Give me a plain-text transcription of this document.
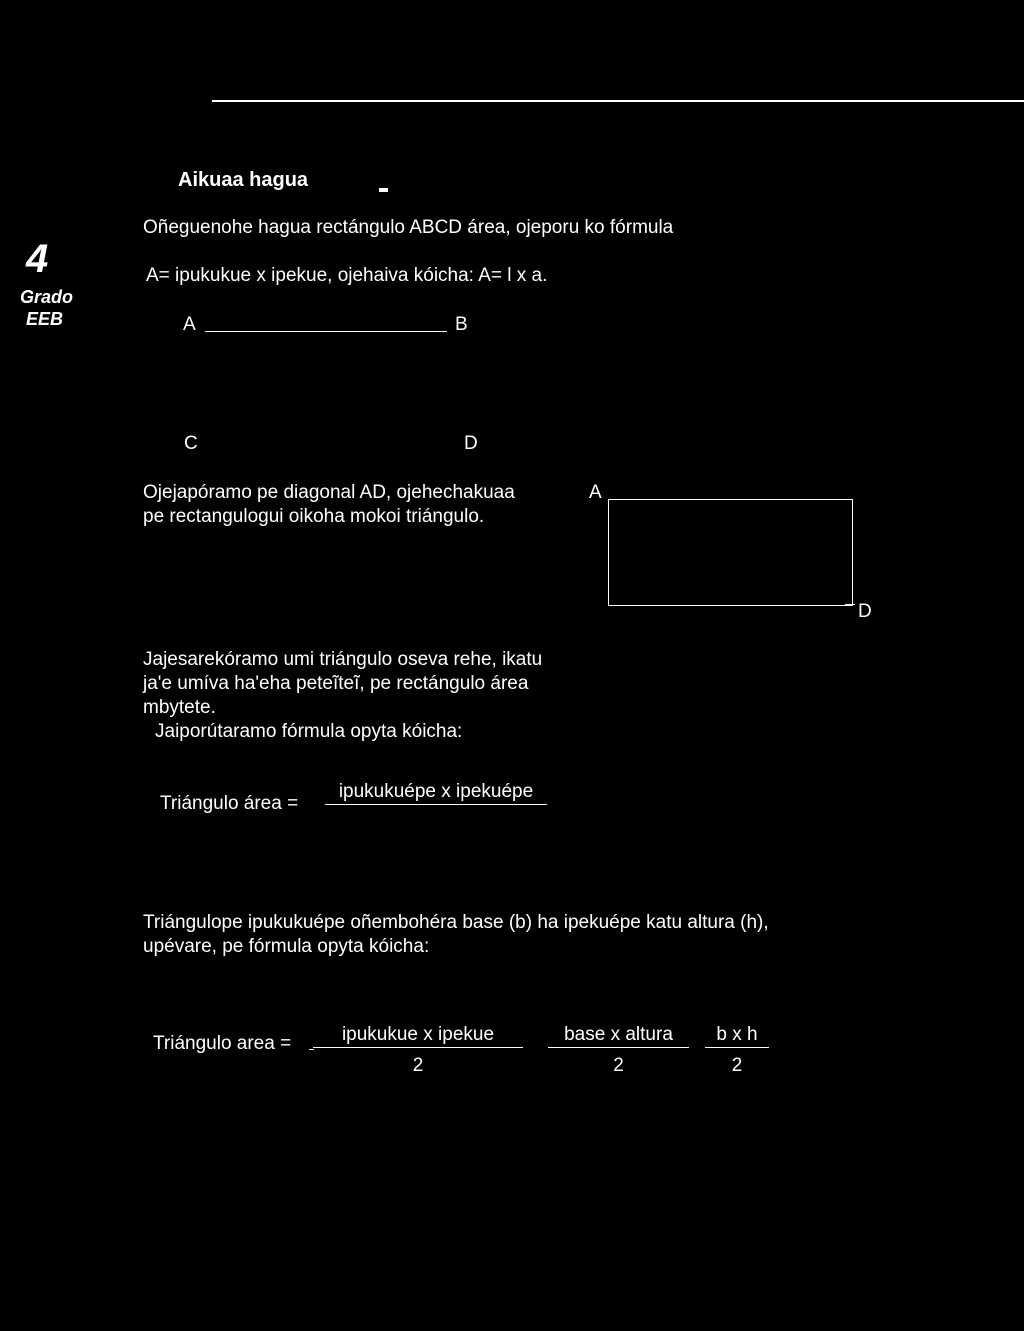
4
Grado
EEB
Aikuaa hagua
Oñeguenohe hagua rectángulo ABCD área, ojeporu ko fórmula
A= ipukukue x ipekue, ojehaiva kóicha: A= l x a.
A	B
C	D
Ojejapóramo pe diagonal AD, ojehechakuaa
pe rectangulogui oikoha mokoi triángulo.
A
D
Jajesarekóramo umi triángulo oseva rehe, ikatu
ja'e umíva ha'eha peteĩteĩ, pe rectángulo área
mbytete.
Jaiporútaramo fórmula opyta kóicha:
Triángulo área =
ipukukuépe x ipekuépe
Triángulope ipukukuépe oñembohéra base (b) ha ipekuépe katu altura (h),
upévare, pe fórmula opyta kóicha:
Triángulo area =	ipukukue x ipekue
2
base x altura
2	$\frac{\text{b x h}}{2}$
